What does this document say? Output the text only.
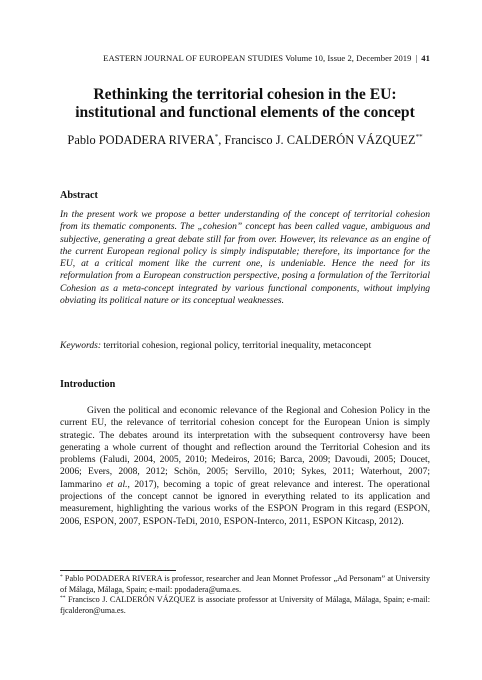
EASTERN JOURNAL OF EUROPEAN STUDIES Volume 10, Issue 2, December 2019 | 41
Rethinking the territorial cohesion in the EU: institutional and functional elements of the concept
Pablo PODADERA RIVERA*, Francisco J. CALDERÓN VÁZQUEZ**
Abstract
In the present work we propose a better understanding of the concept of territorial cohesion from its thematic components. The „cohesion” concept has been called vague, ambiguous and subjective, generating a great debate still far from over. However, its relevance as an engine of the current European regional policy is simply indisputable; therefore, its importance for the EU, at a critical moment like the current one, is undeniable. Hence the need for its reformulation from a European construction perspective, posing a formulation of the Territorial Cohesion as a meta-concept integrated by various functional components, without implying obviating its political nature or its conceptual weaknesses.
Keywords: territorial cohesion, regional policy, territorial inequality, metaconcept
Introduction
Given the political and economic relevance of the Regional and Cohesion Policy in the current EU, the relevance of territorial cohesion concept for the European Union is simply strategic. The debates around its interpretation with the subsequent controversy have been generating a whole current of thought and reflection around the Territorial Cohesion and its problems (Faludi, 2004, 2005, 2010; Medeiros, 2016; Barca, 2009; Davoudi, 2005; Doucet, 2006; Evers, 2008, 2012; Schön, 2005; Servillo, 2010; Sykes, 2011; Waterhout, 2007; Iammarino et al., 2017), becoming a topic of great relevance and interest. The operational projections of the concept cannot be ignored in everything related to its application and measurement, highlighting the various works of the ESPON Program in this regard (ESPON, 2006, ESPON, 2007, ESPON-TeDi, 2010, ESPON-Interco, 2011, ESPON Kitcasp, 2012).

* Pablo PODADERA RIVERA is professor, researcher and Jean Monnet Professor „Ad Personam” at University of Málaga, Málaga, Spain; e-mail: ppodadera@uma.es.

** Francisco J. CALDERÓN VÁZQUEZ is associate professor at University of Málaga, Málaga, Spain; e-mail: fjcalderon@uma.es.
